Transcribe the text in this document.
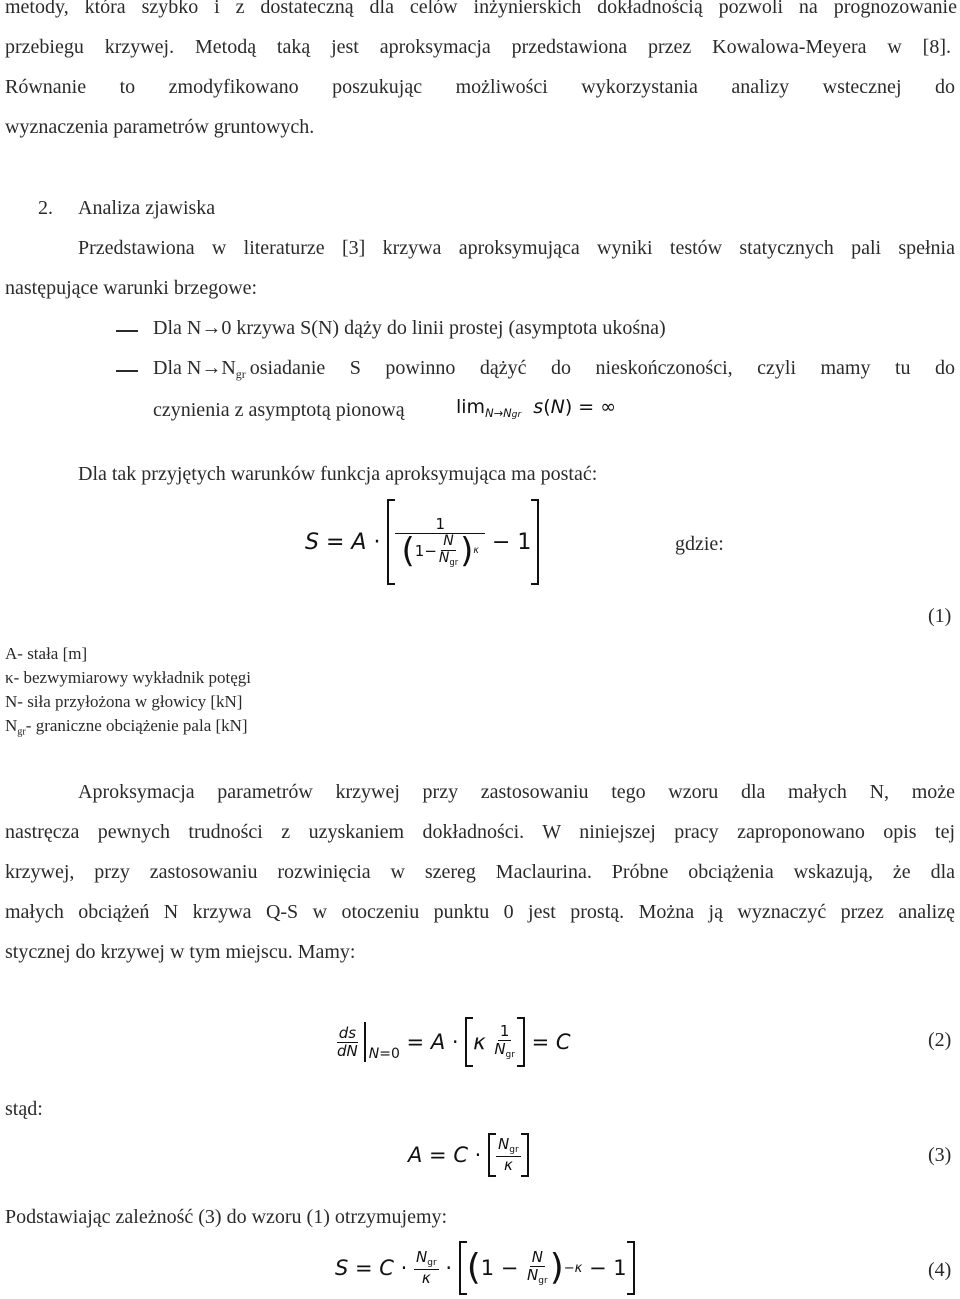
metody, która szybko i z dostateczną dla celów inżynierskich dokładnością pozwoli na prognozowanie
przebiegu krzywej. Metodą taką jest aproksymacja przedstawiona przez Kowalowa-Meyera w [8].
Równanie to zmodyfikowano poszukując możliwości wykorzystania analizy wstecznej do
wyznaczenia parametrów gruntowych.
2. Analiza zjawiska
Przedstawiona w literaturze [3] krzywa aproksymująca wyniki testów statycznych pali spełnia
następujące warunki brzegowe:
Dla N→0 krzywa S(N) dąży do linii prostej (asymptota ukośna)
Dla $N\to N_{gr}$ osiadanie S powinno dążyć do nieskończoności, czyli mamy tu do
czynienia z asymptotą pionową	$\lim_{N\to Ngr} s(N)$ = ∞
Dla tak przyjętych warunków funkcja aproksymująca ma postać:
$S = A \cdot \frac{1}{( 1- \frac{N}{N_{gr}} ) \kappa} - 1$	gdzie:
(1)
A- stała [m]
κ- bezwymiarowy wykładnik potęgi
N- siła przyłożona w głowicy [kN]
$N_{gr}-$ graniczne obciążenie pala [kN]
Aproksymacja parametrów krzywej przy zastosowaniu tego wzoru dla małych N, może
nastręcza pewnych trudności z uzyskaniem dokładności. W niniejszej pracy zaproponowano opis tej
krzywej, przy zastosowaniu rozwinięcia w szereg Maclaurina. Próbne obciążenia wskazują, że dla
małych obciążeń N krzywa Q-S w otoczeniu punktu 0 jest prostą. Można ją wyznaczyć przez analizę
stycznej do krzywej w tym miejscu. Mamy:
$\frac{ds}{dN} N=0 = A \cdot \kappa$
$\frac{1}{N_{gr}} = C$	(2)
stąd:
$A = C \cdot \frac{N_{gr}}{\kappa}$	(3)
Podstawiając zależność (3) do wzoru (1) otrzymujemy:
$S = C \cdot \frac{N_{gr}}{\kappa}$ · ( $1 - \frac{N}{N_{gr}}$ ) −κ − 1	(4)
